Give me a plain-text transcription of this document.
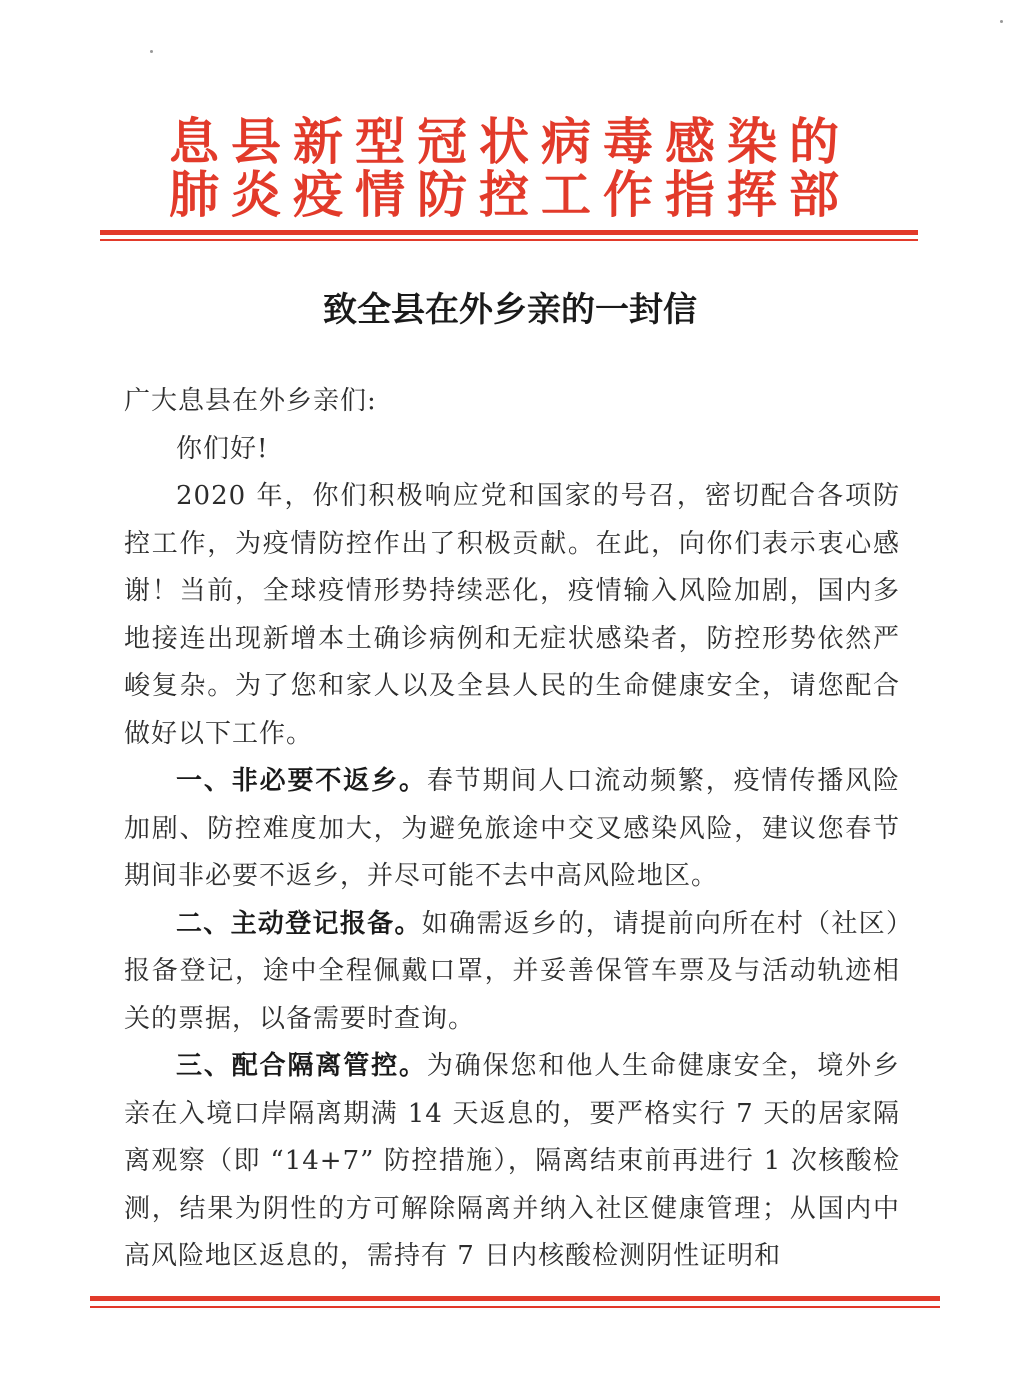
息县新型冠状病毒感染的
肺炎疫情防控工作指挥部
致全县在外乡亲的一封信

广大息县在外乡亲们:

你们好!

2020 年，你们积极响应党和国家的号召，密切配合各项防控工作，为疫情防控作出了积极贡献。在此，向你们表示衷心感谢！当前，全球疫情形势持续恶化，疫情输入风险加剧，国内多地接连出现新增本土确诊病例和无症状感染者，防控形势依然严峻复杂。为了您和家人以及全县人民的生命健康安全，请您配合做好以下工作。

一、非必要不返乡。春节期间人口流动频繁，疫情传播风险加剧、防控难度加大，为避免旅途中交叉感染风险，建议您春节期间非必要不返乡，并尽可能不去中高风险地区。

二、主动登记报备。如确需返乡的，请提前向所在村（社区）报备登记，途中全程佩戴口罩，并妥善保管车票及与活动轨迹相关的票据，以备需要时查询。

三、配合隔离管控。为确保您和他人生命健康安全，境外乡亲在入境口岸隔离期满 14 天返息的，要严格实行 7 天的居家隔离观察（即 “14+7” 防控措施），隔离结束前再进行 1 次核酸检测，结果为阴性的方可解除隔离并纳入社区健康管理；从国内中高风险地区返息的，需持有 7 日内核酸检测阴性证明和
